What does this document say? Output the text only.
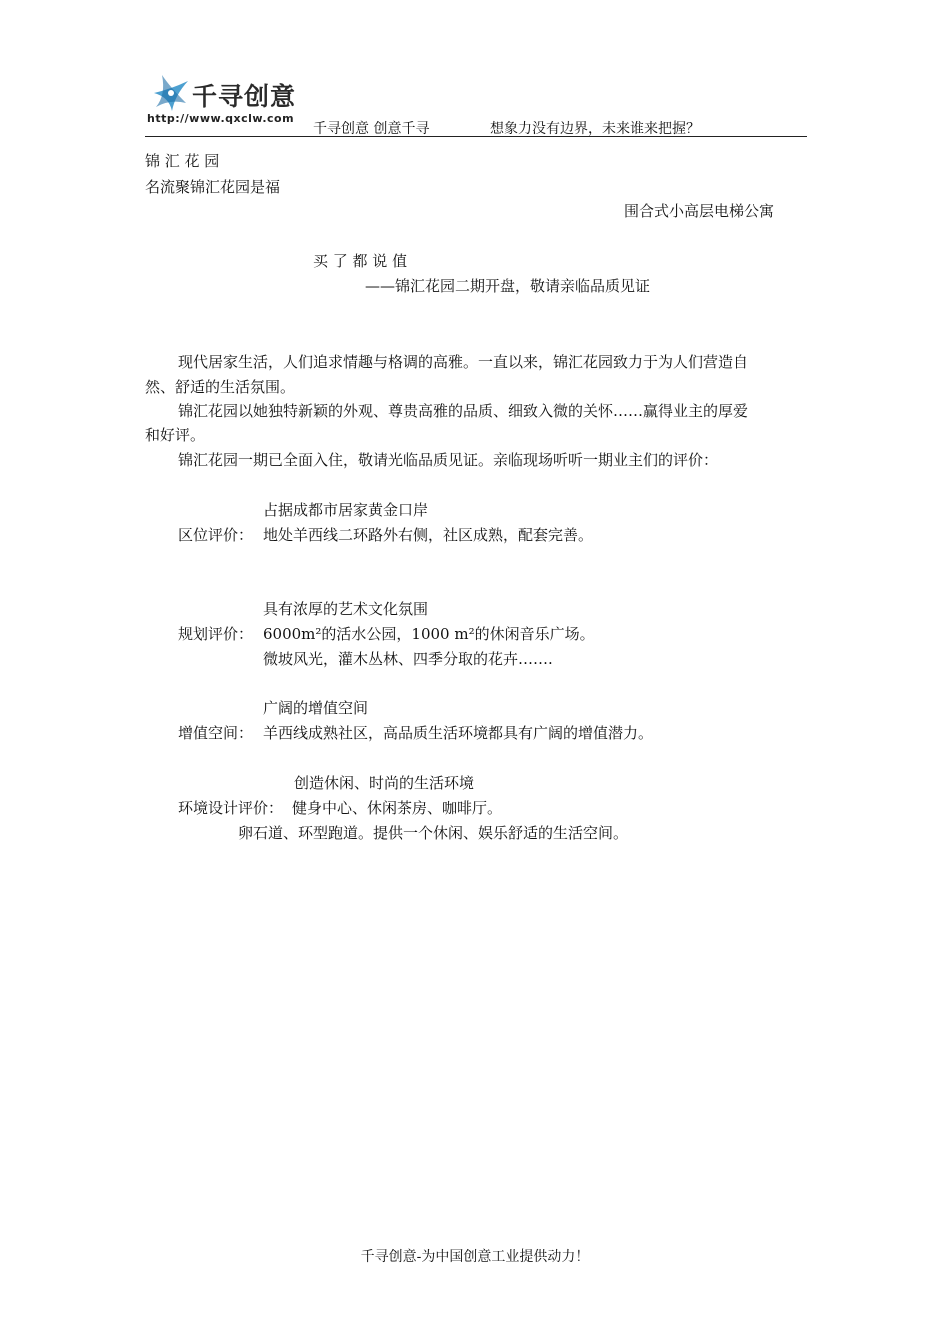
千寻创意
http://www.qxclw.com
千寻创意 创意千寻	想象力没有边界，未来谁来把握？
锦 汇 花 园
名流聚锦汇花园是福
围合式小高层电梯公寓
买 了 都 说 值
——锦汇花园二期开盘，敬请亲临品质见证
现代居家生活，人们追求情趣与格调的高雅。一直以来，锦汇花园致力于为人们营造自
然、舒适的生活氛围。
锦汇花园以她独特新颖的外观、尊贵高雅的品质、细致入微的关怀……赢得业主的厚爱
和好评。
锦汇花园一期已全面入住，敬请光临品质见证。亲临现场听听一期业主们的评价：
占据成都市居家黄金口岸
区位评价： 地处羊西线二环路外右侧，社区成熟，配套完善。
具有浓厚的艺术文化氛围
规划评价： 6000m²的活水公园，1000 m²的休闲音乐广场。
微坡风光，灌木丛林、四季分取的花卉…….
广阔的增值空间
增值空间： 羊西线成熟社区，高品质生活环境都具有广阔的增值潜力。
创造休闲、时尚的生活环境
环境设计评价： 健身中心、休闲茶房、咖啡厅。
卵石道、环型跑道。提供一个休闲、娱乐舒适的生活空间。
千寻创意-为中国创意工业提供动力！
